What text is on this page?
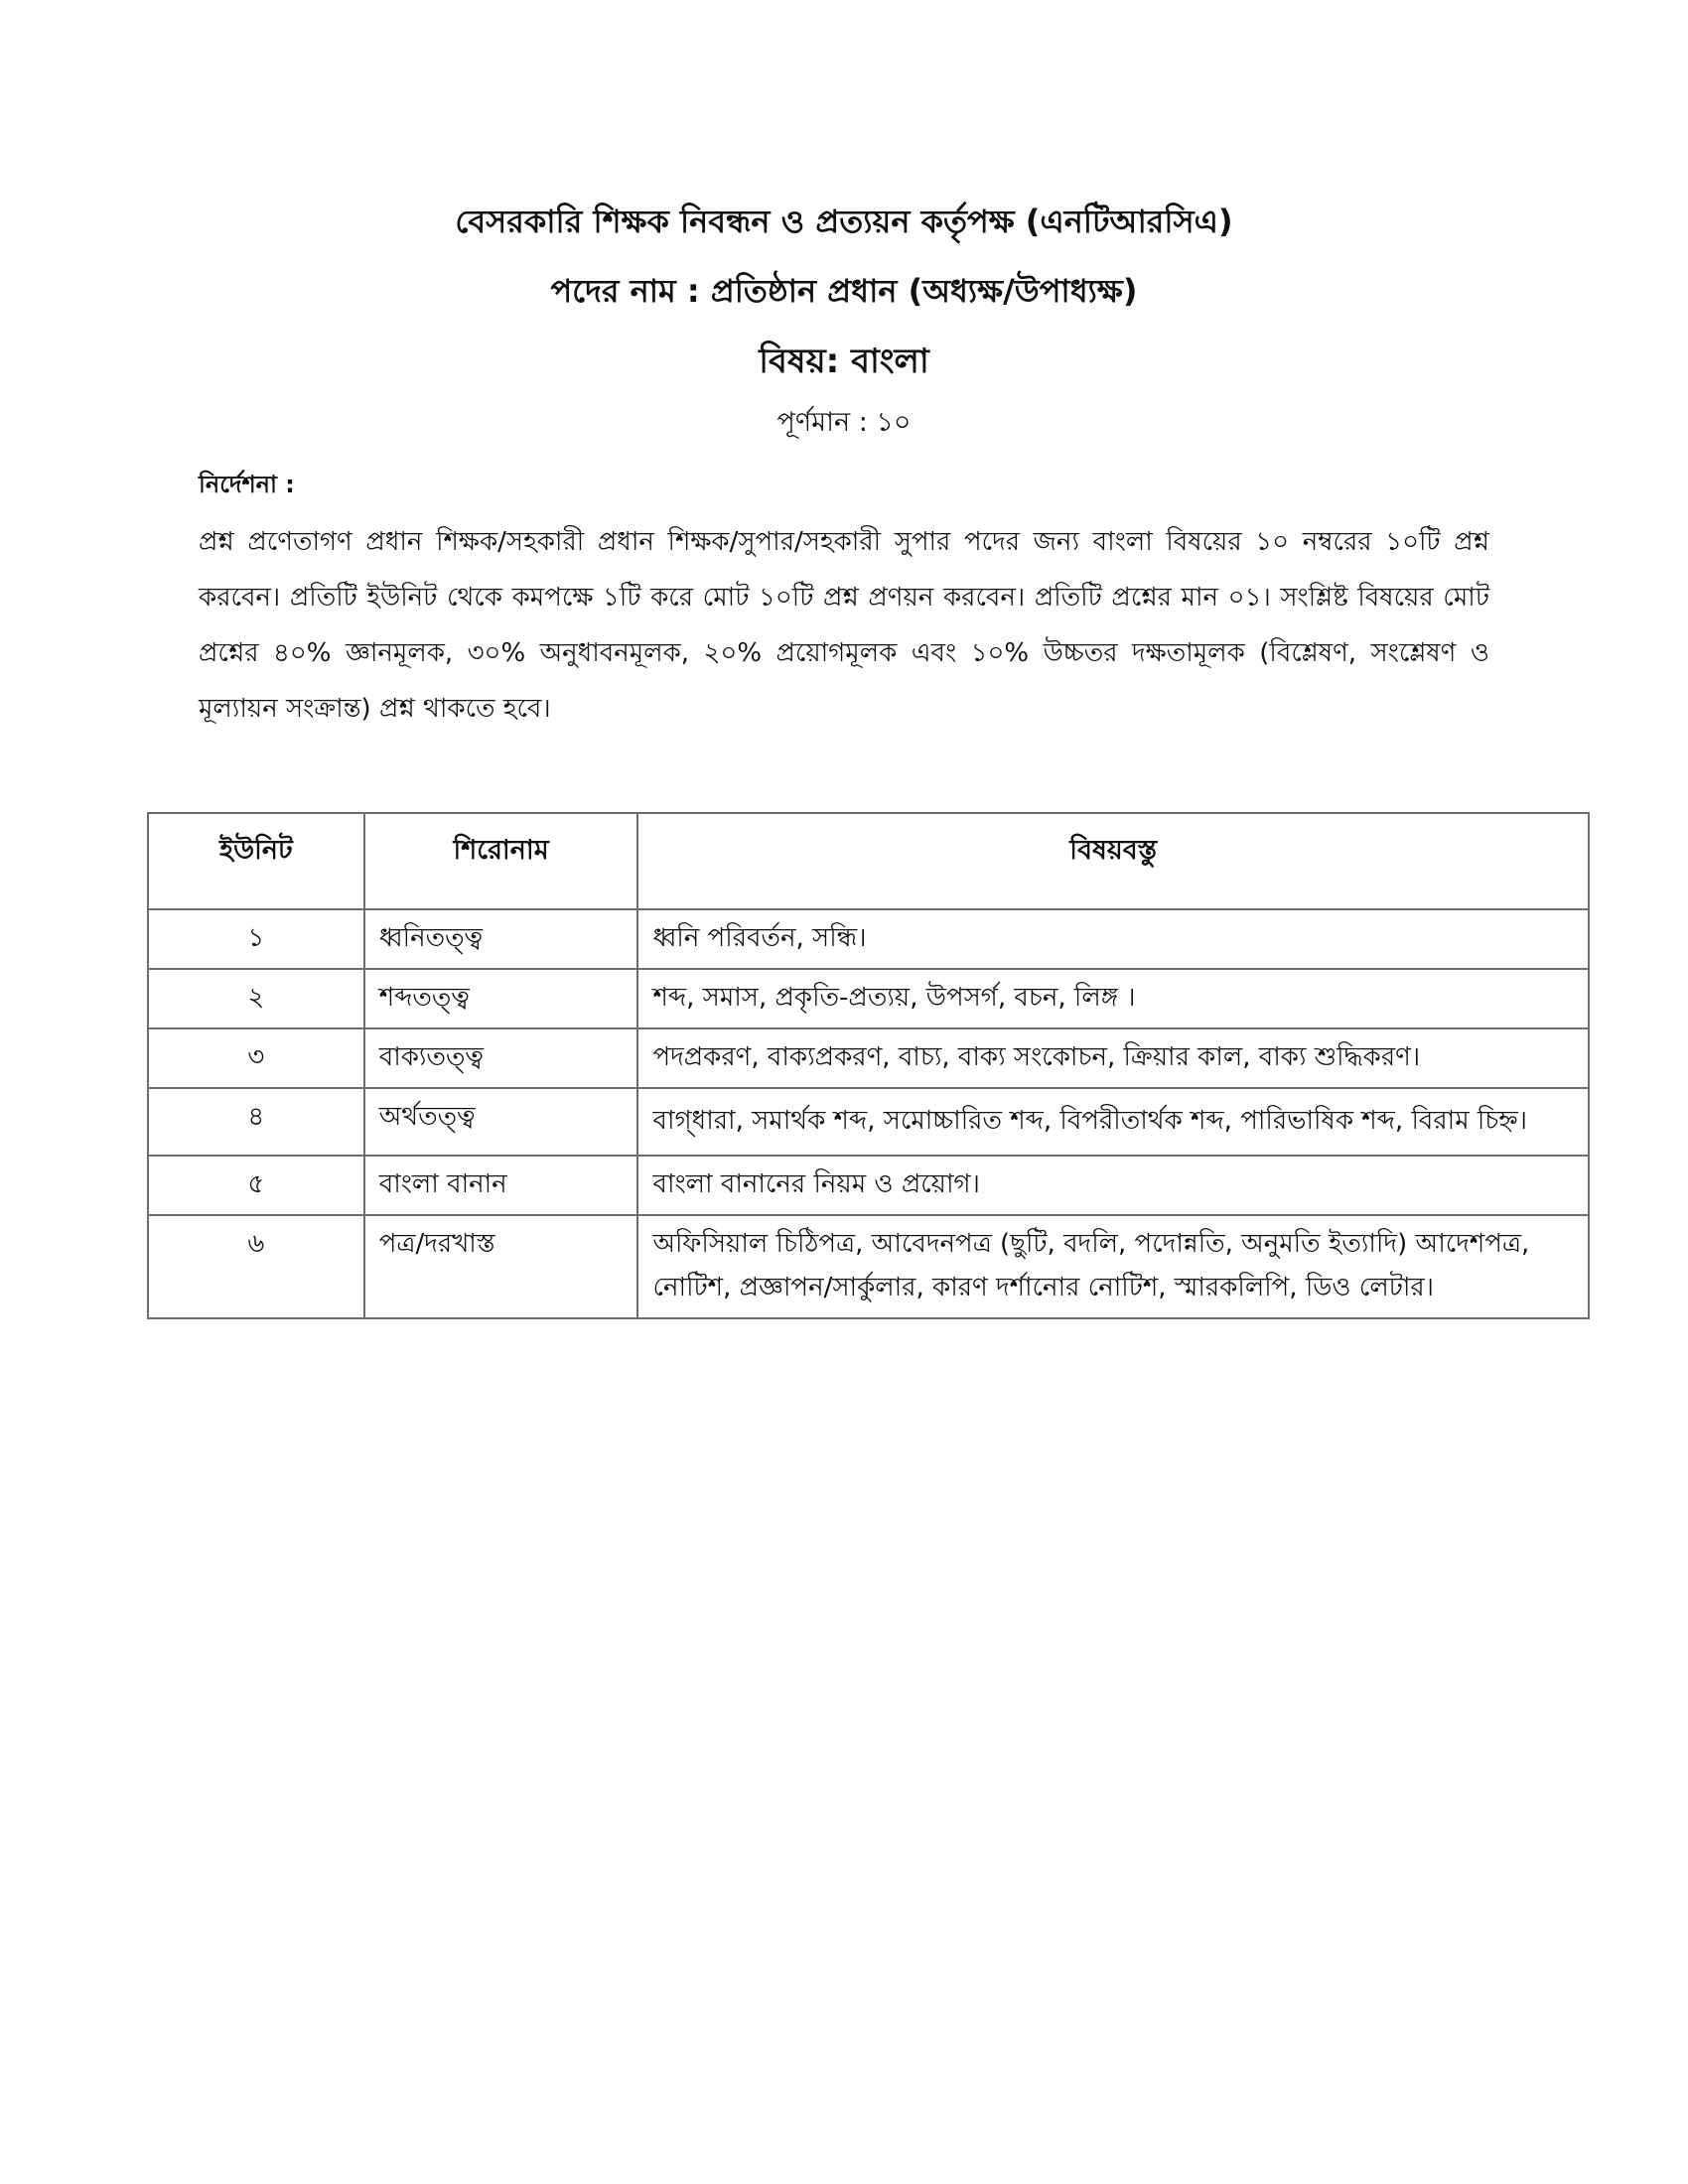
বেসরকারি শিক্ষক নিবন্ধন ও প্রত্যয়ন কর্তৃপক্ষ (এনটিআরসিএ)
পদের নাম : প্রতিষ্ঠান প্রধান (অধ্যক্ষ/উপাধ্যক্ষ)
বিষয়: বাংলা
পূর্ণমান : ১০
নির্দেশনা :
প্রশ্ন প্রণেতাগণ প্রধান শিক্ষক/সহকারী প্রধান শিক্ষক/সুপার/সহকারী সুপার পদের জন্য বাংলা বিষয়ের ১০ নম্বরের ১০টি প্রশ্ন করবেন। প্রতিটি ইউনিট থেকে কমপক্ষে ১টি করে মোট ১০টি প্রশ্ন প্রণয়ন করবেন। প্রতিটি প্রশ্নের মান ০১। সংশ্লিষ্ট বিষয়ের মোট প্রশ্নের ৪০% জ্ঞানমূলক, ৩০% অনুধাবনমূলক, ২০% প্রয়োগমূলক এবং ১০% উচ্চতর দক্ষতামূলক (বিশ্লেষণ, সংশ্লেষণ ও মূল্যায়ন সংক্রান্ত) প্রশ্ন থাকতে হবে।
ইউনিট	শিরোনাম	বিষয়বস্তু
১	ধ্বনিতত্ত্ব	ধ্বনি পরিবর্তন, সন্ধি।
২	শব্দতত্ত্ব	শব্দ, সমাস, প্রকৃতি-প্রত্যয়, উপসর্গ, বচন, লিঙ্গ ।
৩	বাক্যতত্ত্ব	পদপ্রকরণ, বাক্যপ্রকরণ, বাচ্য, বাক্য সংকোচন, ক্রিয়ার কাল, বাক্য শুদ্ধিকরণ।
৪	অর্থতত্ত্ব	বাগ্‌ধারা, সমার্থক শব্দ, সমোচ্চারিত শব্দ, বিপরীতার্থক শব্দ, পারিভাষিক শব্দ, বিরাম চিহ্ন।
৫	বাংলা বানান	বাংলা বানানের নিয়ম ও প্রয়োগ।
৬	পত্র/দরখাস্ত	অফিসিয়াল চিঠিপত্র, আবেদনপত্র (ছুটি, বদলি, পদোন্নতি, অনুমতি ইত্যাদি) আদেশপত্র, নোটিশ, প্রজ্ঞাপন/সার্কুলার, কারণ দর্শানোর নোটিশ, স্মারকলিপি, ডিও লেটার।
